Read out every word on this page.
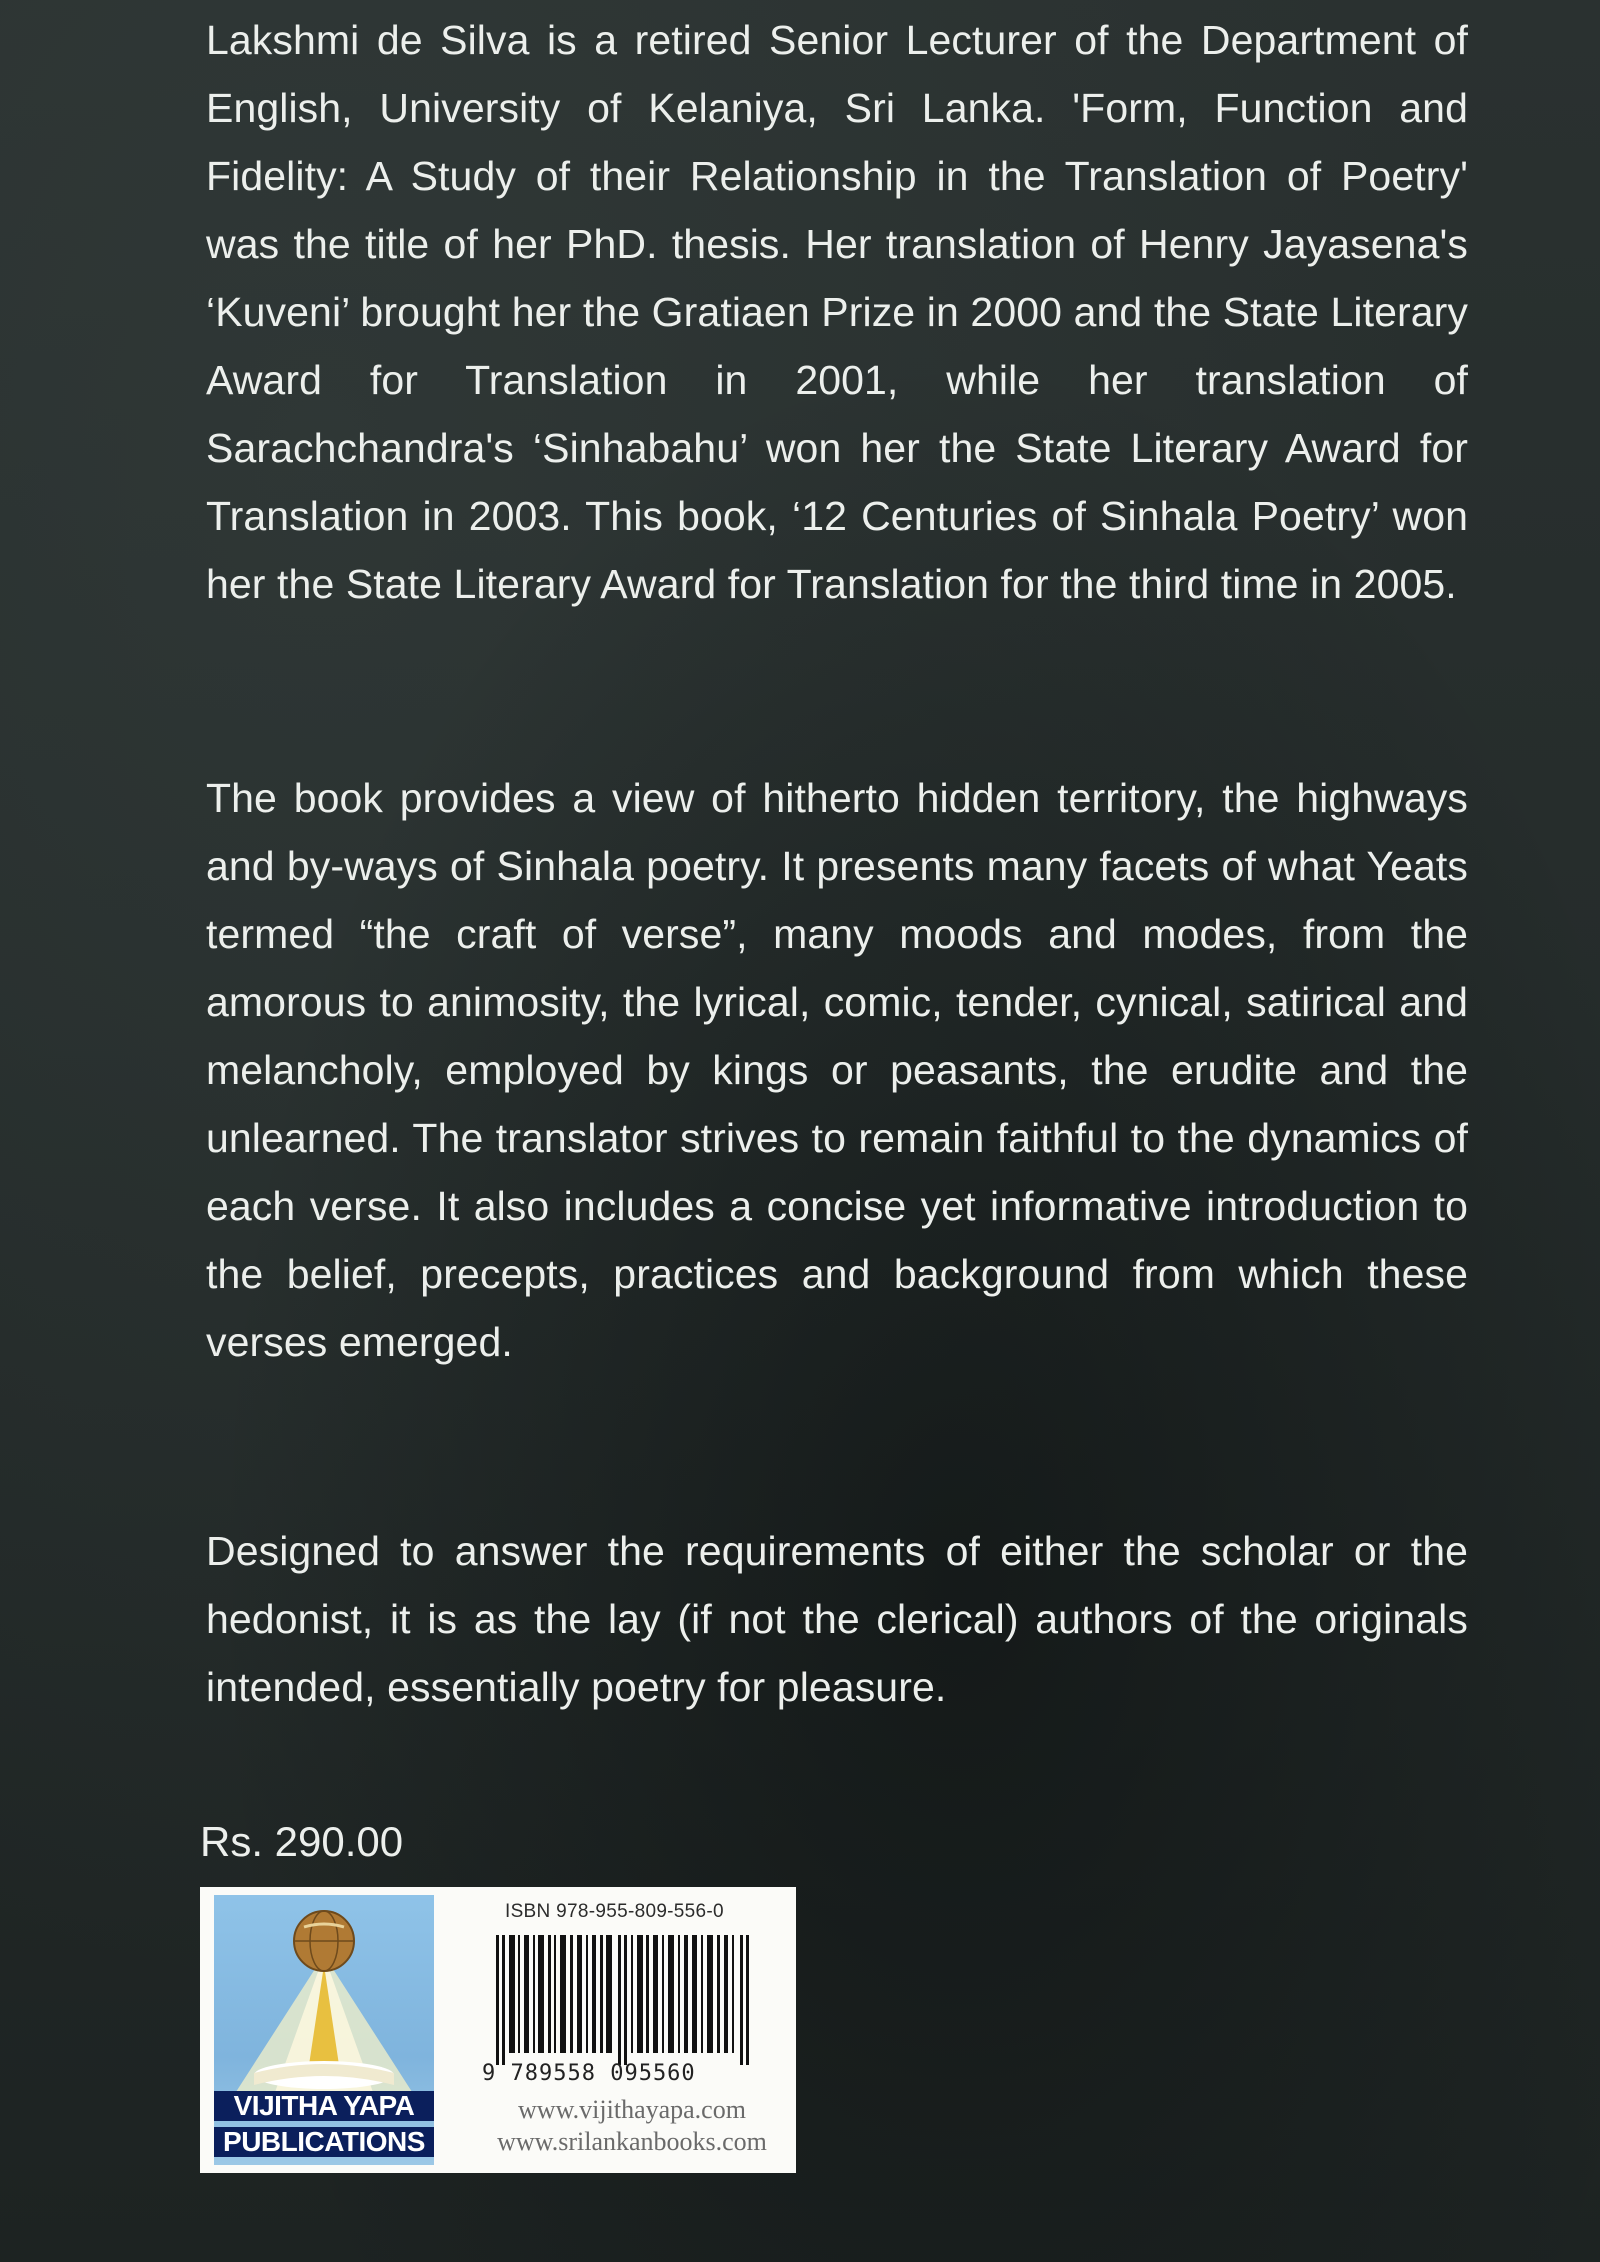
Lakshmi de Silva is a retired Senior Lecturer of the Department of English, University of Kelaniya, Sri Lanka. 'Form, Function and Fidelity: A Study of their Relationship in the Translation of Poetry' was the title of her PhD. thesis. Her translation of Henry Jayasena's ‘Kuveni’ brought her the Gratiaen Prize in 2000 and the State Literary Award for Translation in 2001, while her translation of Sarachchandra's ‘Sinhabahu’ won her the State Literary Award for Translation in 2003. This book, ‘12 Centuries of Sinhala Poetry’ won her the State Literary Award for Translation for the third time in 2005.

The book provides a view of hitherto hidden territory, the highways and by-ways of Sinhala poetry. It presents many facets of what Yeats termed “the craft of verse”, many moods and modes, from the amorous to animosity, the lyrical, comic, tender, cynical, satirical and melancholy, employed by kings or peasants, the erudite and the unlearned. The translator strives to remain faithful to the dynamics of each verse. It also includes a concise yet informative introduction to the belief, precepts, practices and background from which these verses emerged.

Designed to answer the requirements of either the scholar or the hedonist, it is as the lay (if not the clerical) authors of the originals intended, essentially poetry for pleasure.

Rs. 290.00
VIJITHA YAPA
PUBLICATIONS
ISBN 978-955-809-556-0
9 789558 095560
www.vijithayapa.com
www.srilankanbooks.com
